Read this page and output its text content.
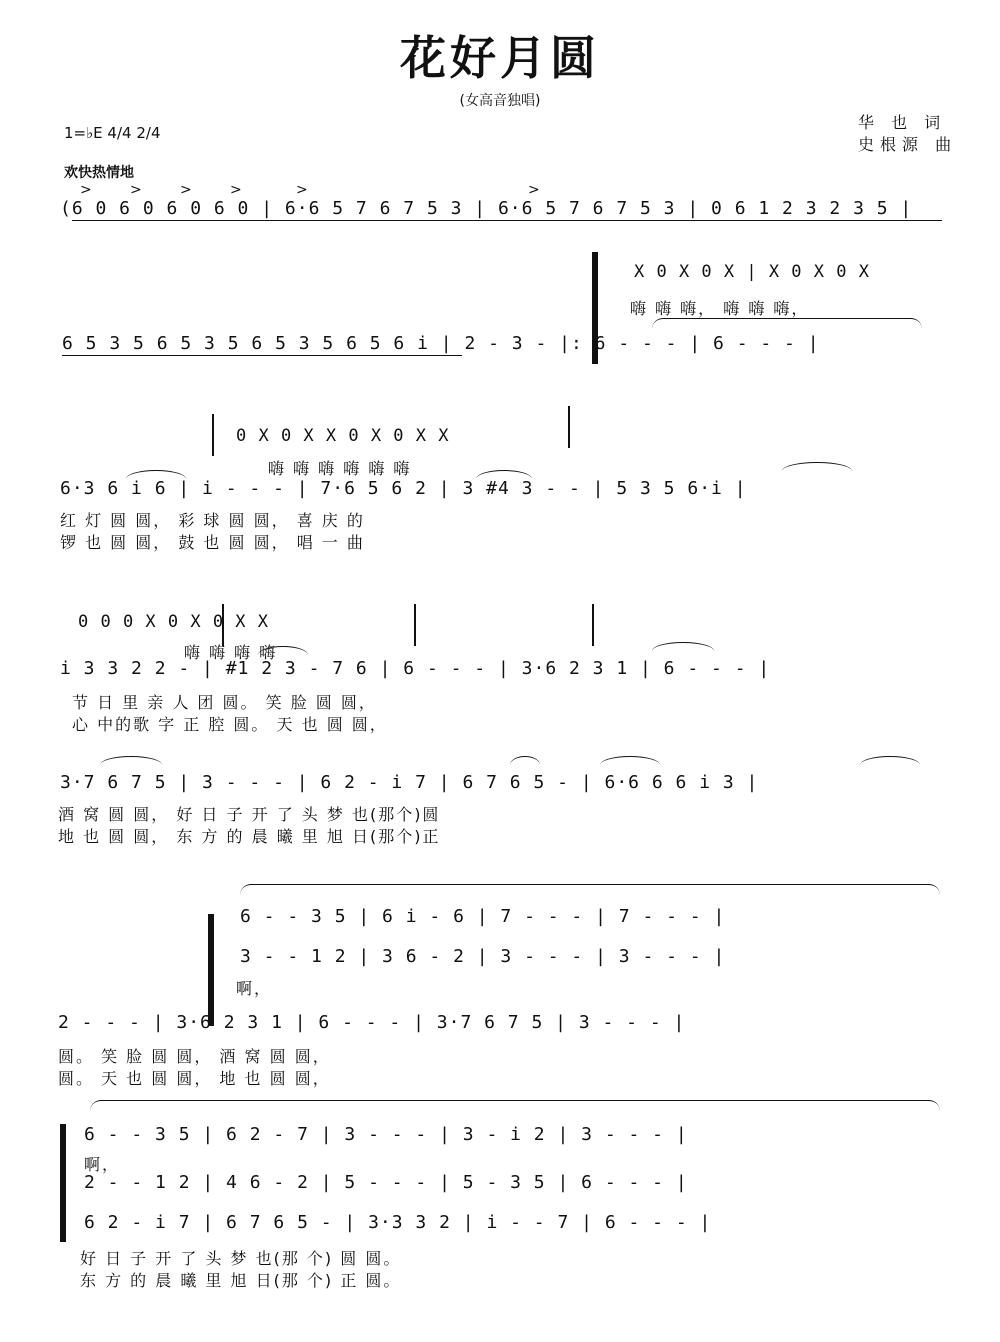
花好月圆
(女高音独唱)
华 也 词
史根源 曲
1=♭E 4/4 2/4
欢快热情地
>	>	>	>	>	>
(6 0 6 0 6 0 6 0 | 6·6 5 7 6 7 5 3 | 6·6 5 7 6 7 5 3 | 0 6 1 2 3 2 3 5 |
X 0 X 0 X | X 0 X 0 X
嗨 嗨 嗨， 嗨 嗨 嗨，
6 5 3 5 6 5 3 5 6 5 3 5 6 5 6 i | 2 - 3 - |: 6 - - - | 6 - - - |
0 X 0 X X 0 X 0 X X
嗨 嗨 嗨 嗨 嗨 嗨
6·3 6 i 6 | i - - - | 7·6 5 6 2 | 3 #4 3 - - | 5 3 5 6·i |
红 灯 圆 圆， 彩 球 圆 圆， 喜 庆 的
锣 也 圆 圆， 鼓 也 圆 圆， 唱 一 曲
0 0 0 X 0 X 0 X X
嗨 嗨 嗨 嗨
i 3 3 2 2 - | #1 2 3 - 7 6 | 6 - - - | 3·6 2 3 1 | 6 - - - |
节 日 里 亲 人 团 圆。 笑 脸 圆 圆，
心 中的歌 字 正 腔 圆。 天 也 圆 圆，
3·7 6 7 5 | 3 - - - | 6 2 - i 7 | 6 7 6 5 - | 6·6 6 6 i 3 |
酒 窝 圆 圆， 好 日 子 开 了 头 梦 也(那个)圆
地 也 圆 圆， 东 方 的 晨 曦 里 旭 日(那个)正
6 - - 3 5 | 6 i - 6 | 7 - - - | 7 - - - |
3 - - 1 2 | 3 6 - 2 | 3 - - - | 3 - - - |
啊，
2 - - - | 3·6 2 3 1 | 6 - - - | 3·7 6 7 5 | 3 - - - |
圆。 笑 脸 圆 圆， 酒 窝 圆 圆，
圆。 天 也 圆 圆， 地 也 圆 圆，
6 - - 3 5 | 6 2 - 7 | 3 - - - | 3 - i 2 | 3 - - - |
啊，
2 - - 1 2 | 4 6 - 2 | 5 - - - | 5 - 3 5 | 6 - - - |
6 2 - i 7 | 6 7 6 5 - | 3·3 3 2 | i - - 7 | 6 - - - |
好 日 子 开 了 头 梦 也(那 个) 圆 圆。
东 方 的 晨 曦 里 旭 日(那 个) 正 圆。
